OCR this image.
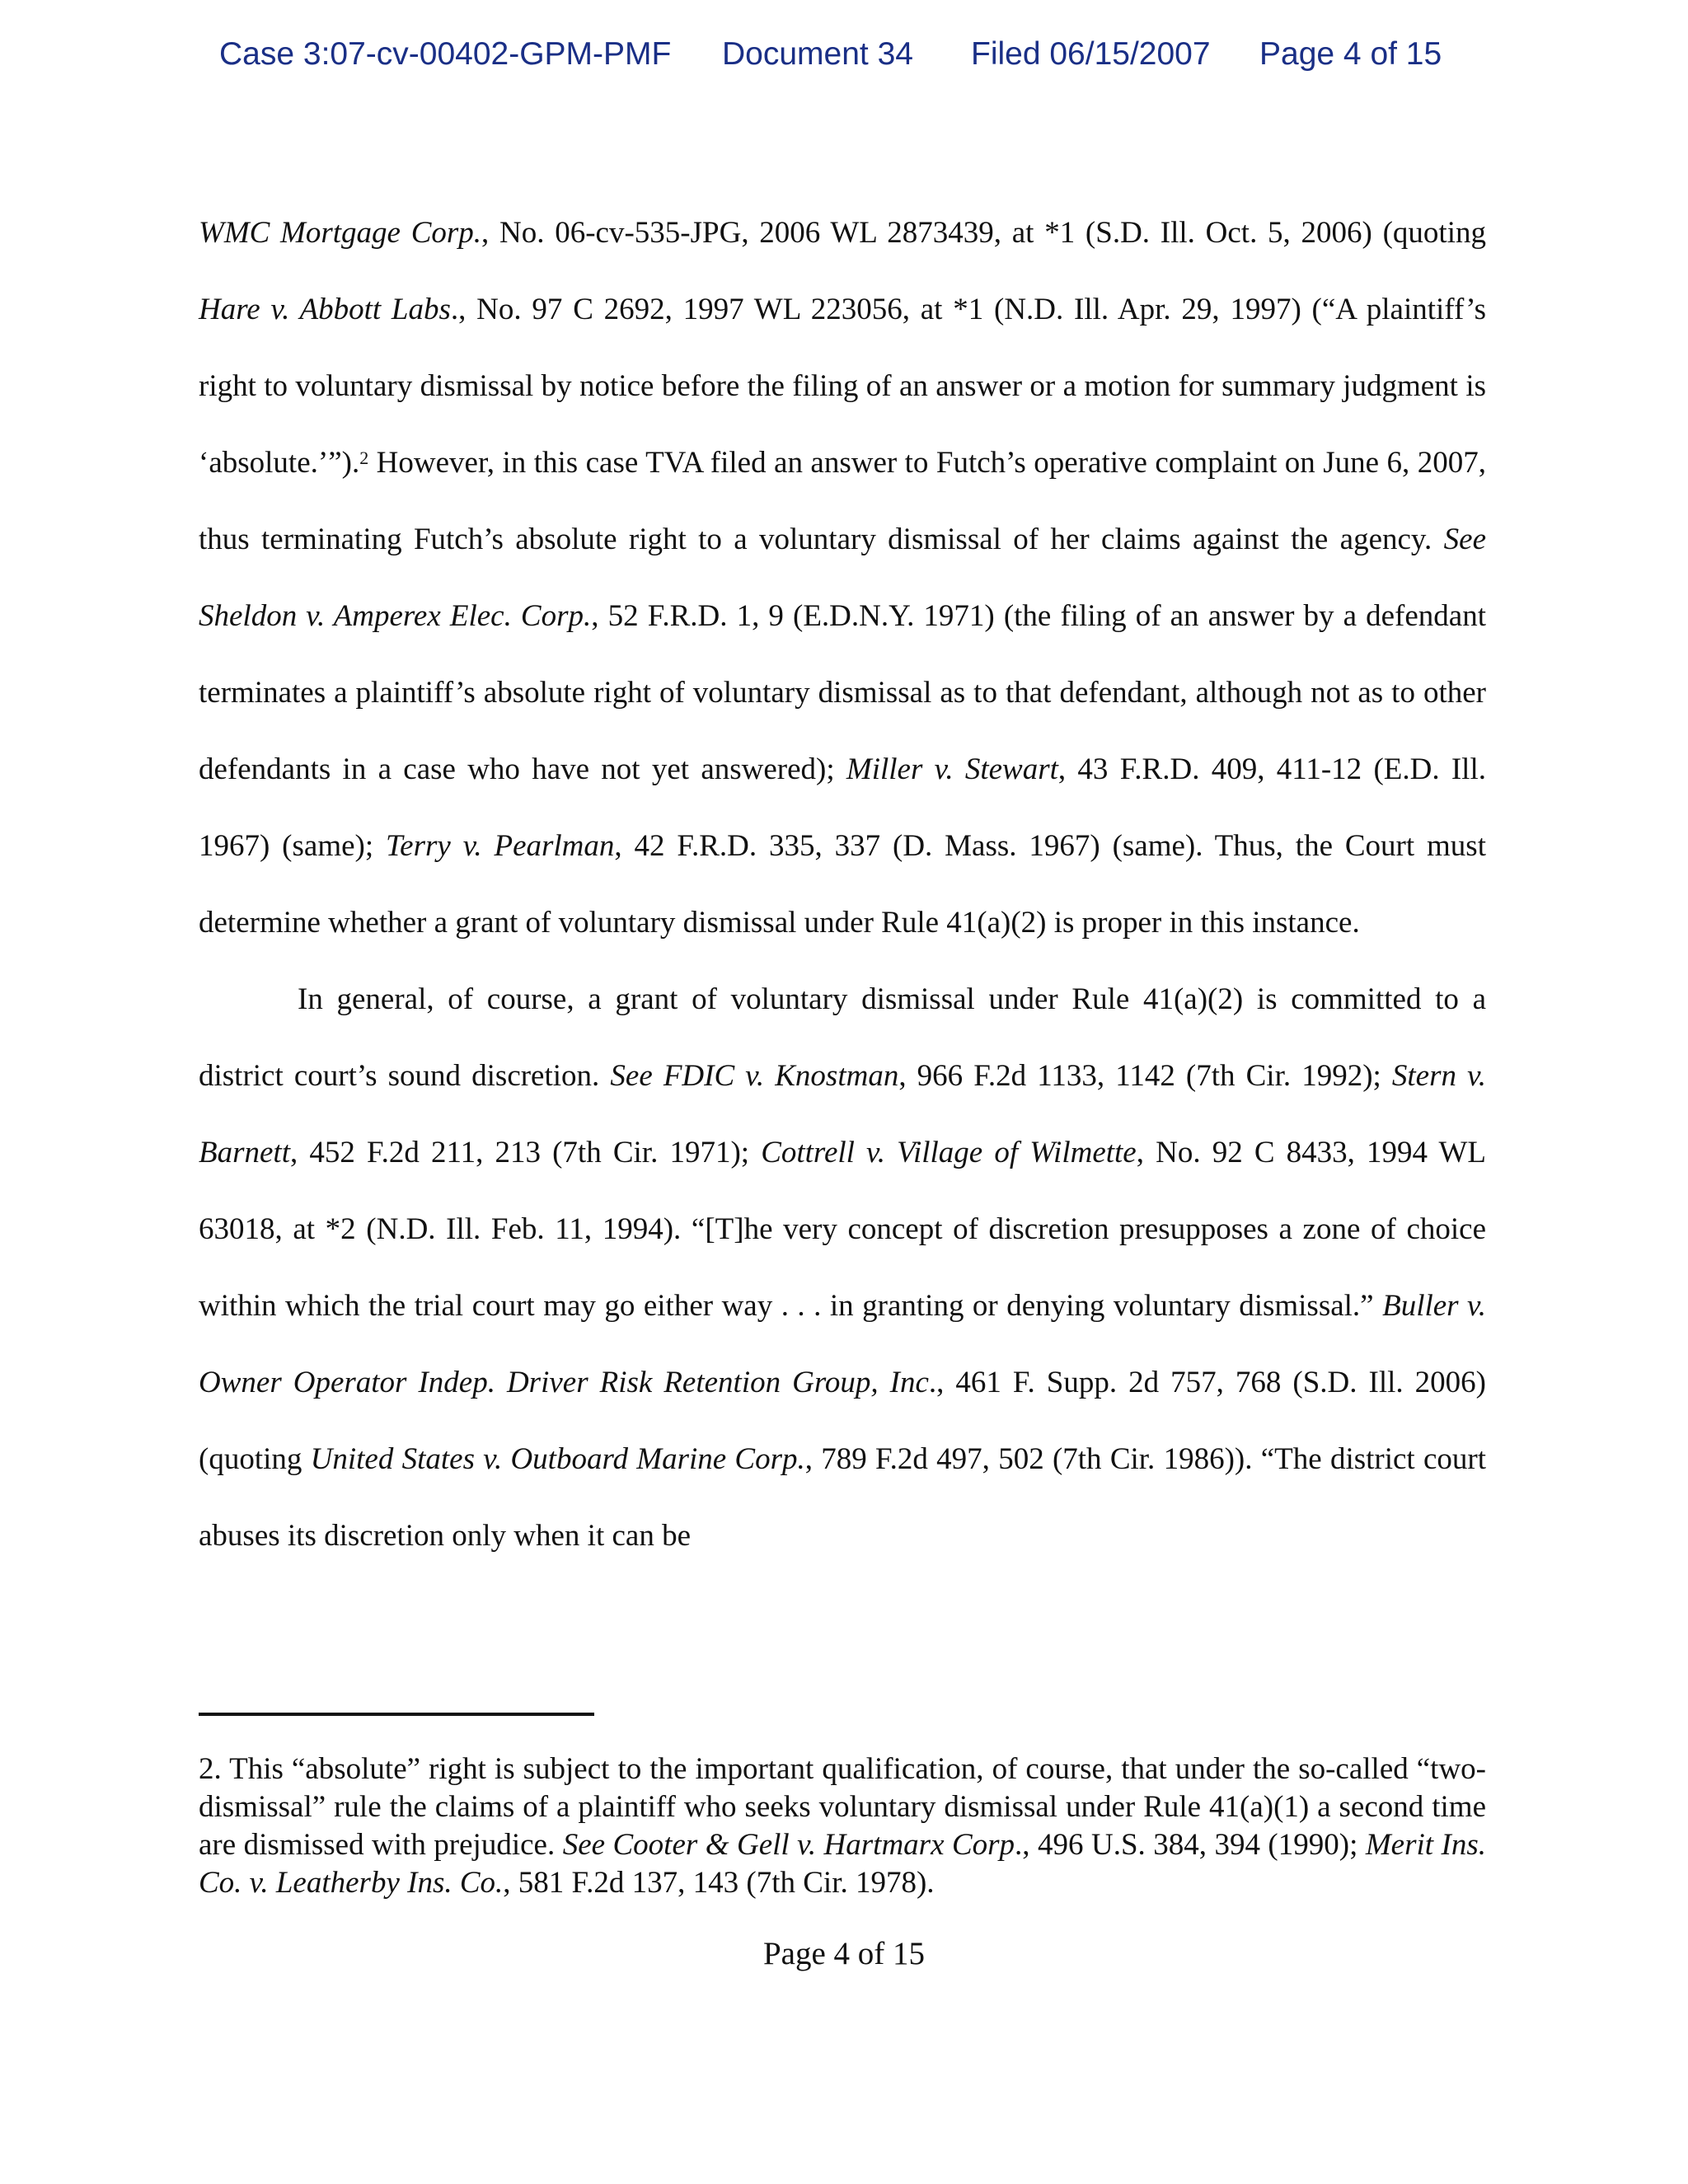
Case 3:07-cv-00402-GPM-PMF Document 34 Filed 06/15/2007 Page 4 of 15

WMC Mortgage Corp., No. 06-cv-535-JPG, 2006 WL 2873439, at *1 (S.D. Ill. Oct. 5, 2006) (quoting Hare v. Abbott Labs., No. 97 C 2692, 1997 WL 223056, at *1 (N.D. Ill. Apr. 29, 1997) (“A plaintiff’s right to voluntary dismissal by notice before the filing of an answer or a motion for summary judgment is ‘absolute.’”).$^2$ However, in this case TVA filed an answer to Futch’s operative complaint on June 6, 2007, thus terminating Futch’s absolute right to a voluntary dismissal of her claims against the agency. See Sheldon v. Amperex Elec. Corp., 52 F.R.D. 1, 9 (E.D.N.Y. 1971) (the filing of an answer by a defendant terminates a plaintiff’s absolute right of voluntary dismissal as to that defendant, although not as to other defendants in a case who have not yet answered); Miller v. Stewart, 43 F.R.D. 409, 411-12 (E.D. Ill. 1967) (same); Terry v. Pearlman, 42 F.R.D. 335, 337 (D. Mass. 1967) (same). Thus, the Court must determine whether a grant of voluntary dismissal under Rule 41(a)(2) is proper in this instance.

In general, of course, a grant of voluntary dismissal under Rule 41(a)(2) is committed to a district court’s sound discretion. See FDIC v. Knostman, 966 F.2d 1133, 1142 (7th Cir. 1992); Stern v. Barnett, 452 F.2d 211, 213 (7th Cir. 1971); Cottrell v. Village of Wilmette, No. 92 C 8433, 1994 WL 63018, at *2 (N.D. Ill. Feb. 11, 1994). “[T]he very concept of discretion presupposes a zone of choice within which the trial court may go either way . . . in granting or denying voluntary dismissal.” Buller v. Owner Operator Indep. Driver Risk Retention Group, Inc., 461 F. Supp. 2d 757, 768 (S.D. Ill. 2006) (quoting United States v. Outboard Marine Corp., 789 F.2d 497, 502 (7th Cir. 1986)). “The district court abuses its discretion only when it can be

2. This “absolute” right is subject to the important qualification, of course, that under the so-called “two-dismissal” rule the claims of a plaintiff who seeks voluntary dismissal under Rule 41(a)(1) a second time are dismissed with prejudice. See Cooter & Gell v. Hartmarx Corp., 496 U.S. 384, 394 (1990); Merit Ins. Co. v. Leatherby Ins. Co., 581 F.2d 137, 143 (7th Cir. 1978).

Page 4 of 15
